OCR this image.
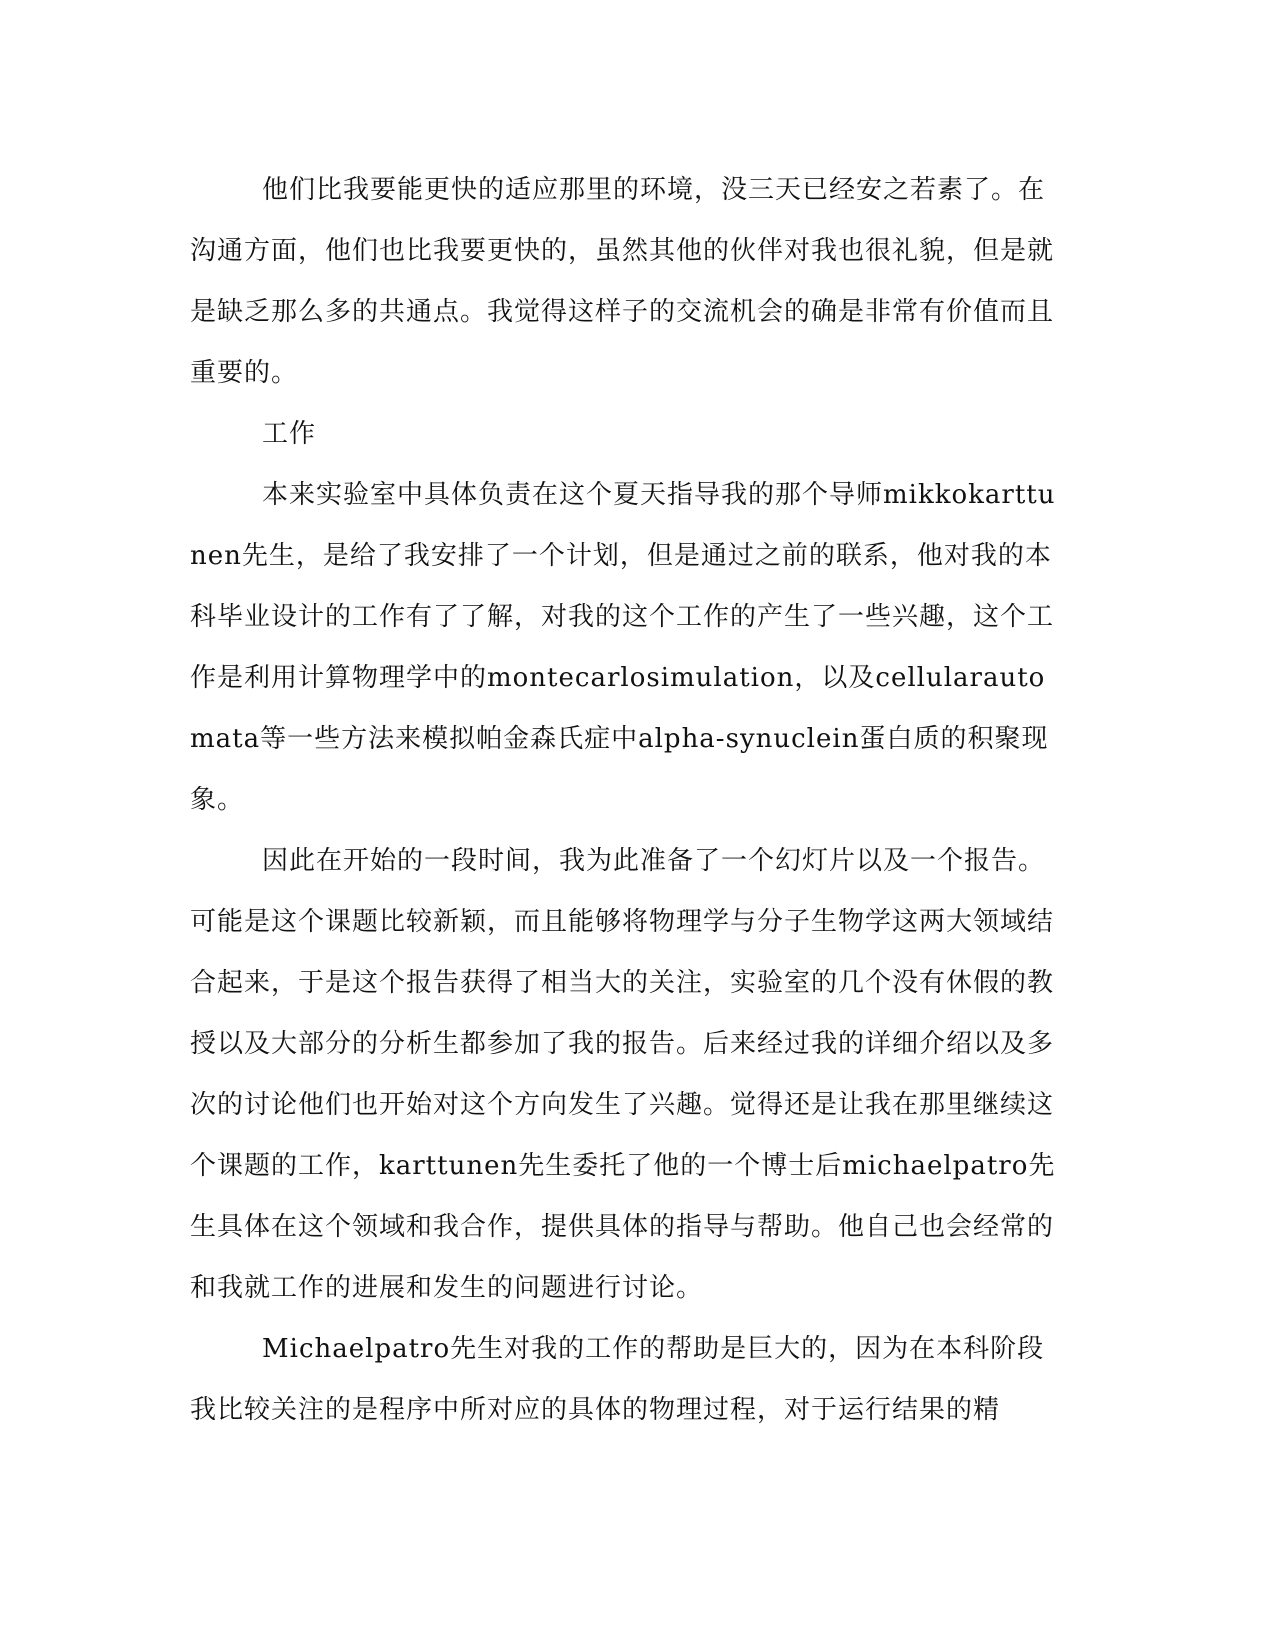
他们比我要能更快的适应那里的环境，没三天已经安之若素了。在沟通方面，他们也比我要更快的，虽然其他的伙伴对我也很礼貌，但是就是缺乏那么多的共通点。我觉得这样子的交流机会的确是非常有价值而且重要的。

工作

本来实验室中具体负责在这个夏天指导我的那个导师mikkokarttunen先生，是给了我安排了一个计划，但是通过之前的联系，他对我的本科毕业设计的工作有了了解，对我的这个工作的产生了一些兴趣，这个工作是利用计算物理学中的montecarlosimulation，以及cellularautomata等一些方法来模拟帕金森氏症中alpha-synuclein蛋白质的积聚现象。

因此在开始的一段时间，我为此准备了一个幻灯片以及一个报告。可能是这个课题比较新颖，而且能够将物理学与分子生物学这两大领域结合起来，于是这个报告获得了相当大的关注，实验室的几个没有休假的教授以及大部分的分析生都参加了我的报告。后来经过我的详细介绍以及多次的讨论他们也开始对这个方向发生了兴趣。觉得还是让我在那里继续这个课题的工作，karttunen先生委托了他的一个博士后michaelpatro先生具体在这个领域和我合作，提供具体的指导与帮助。他自己也会经常的和我就工作的进展和发生的问题进行讨论。

Michaelpatro先生对我的工作的帮助是巨大的，因为在本科阶段我比较关注的是程序中所对应的具体的物理过程，对于运行结果的精
